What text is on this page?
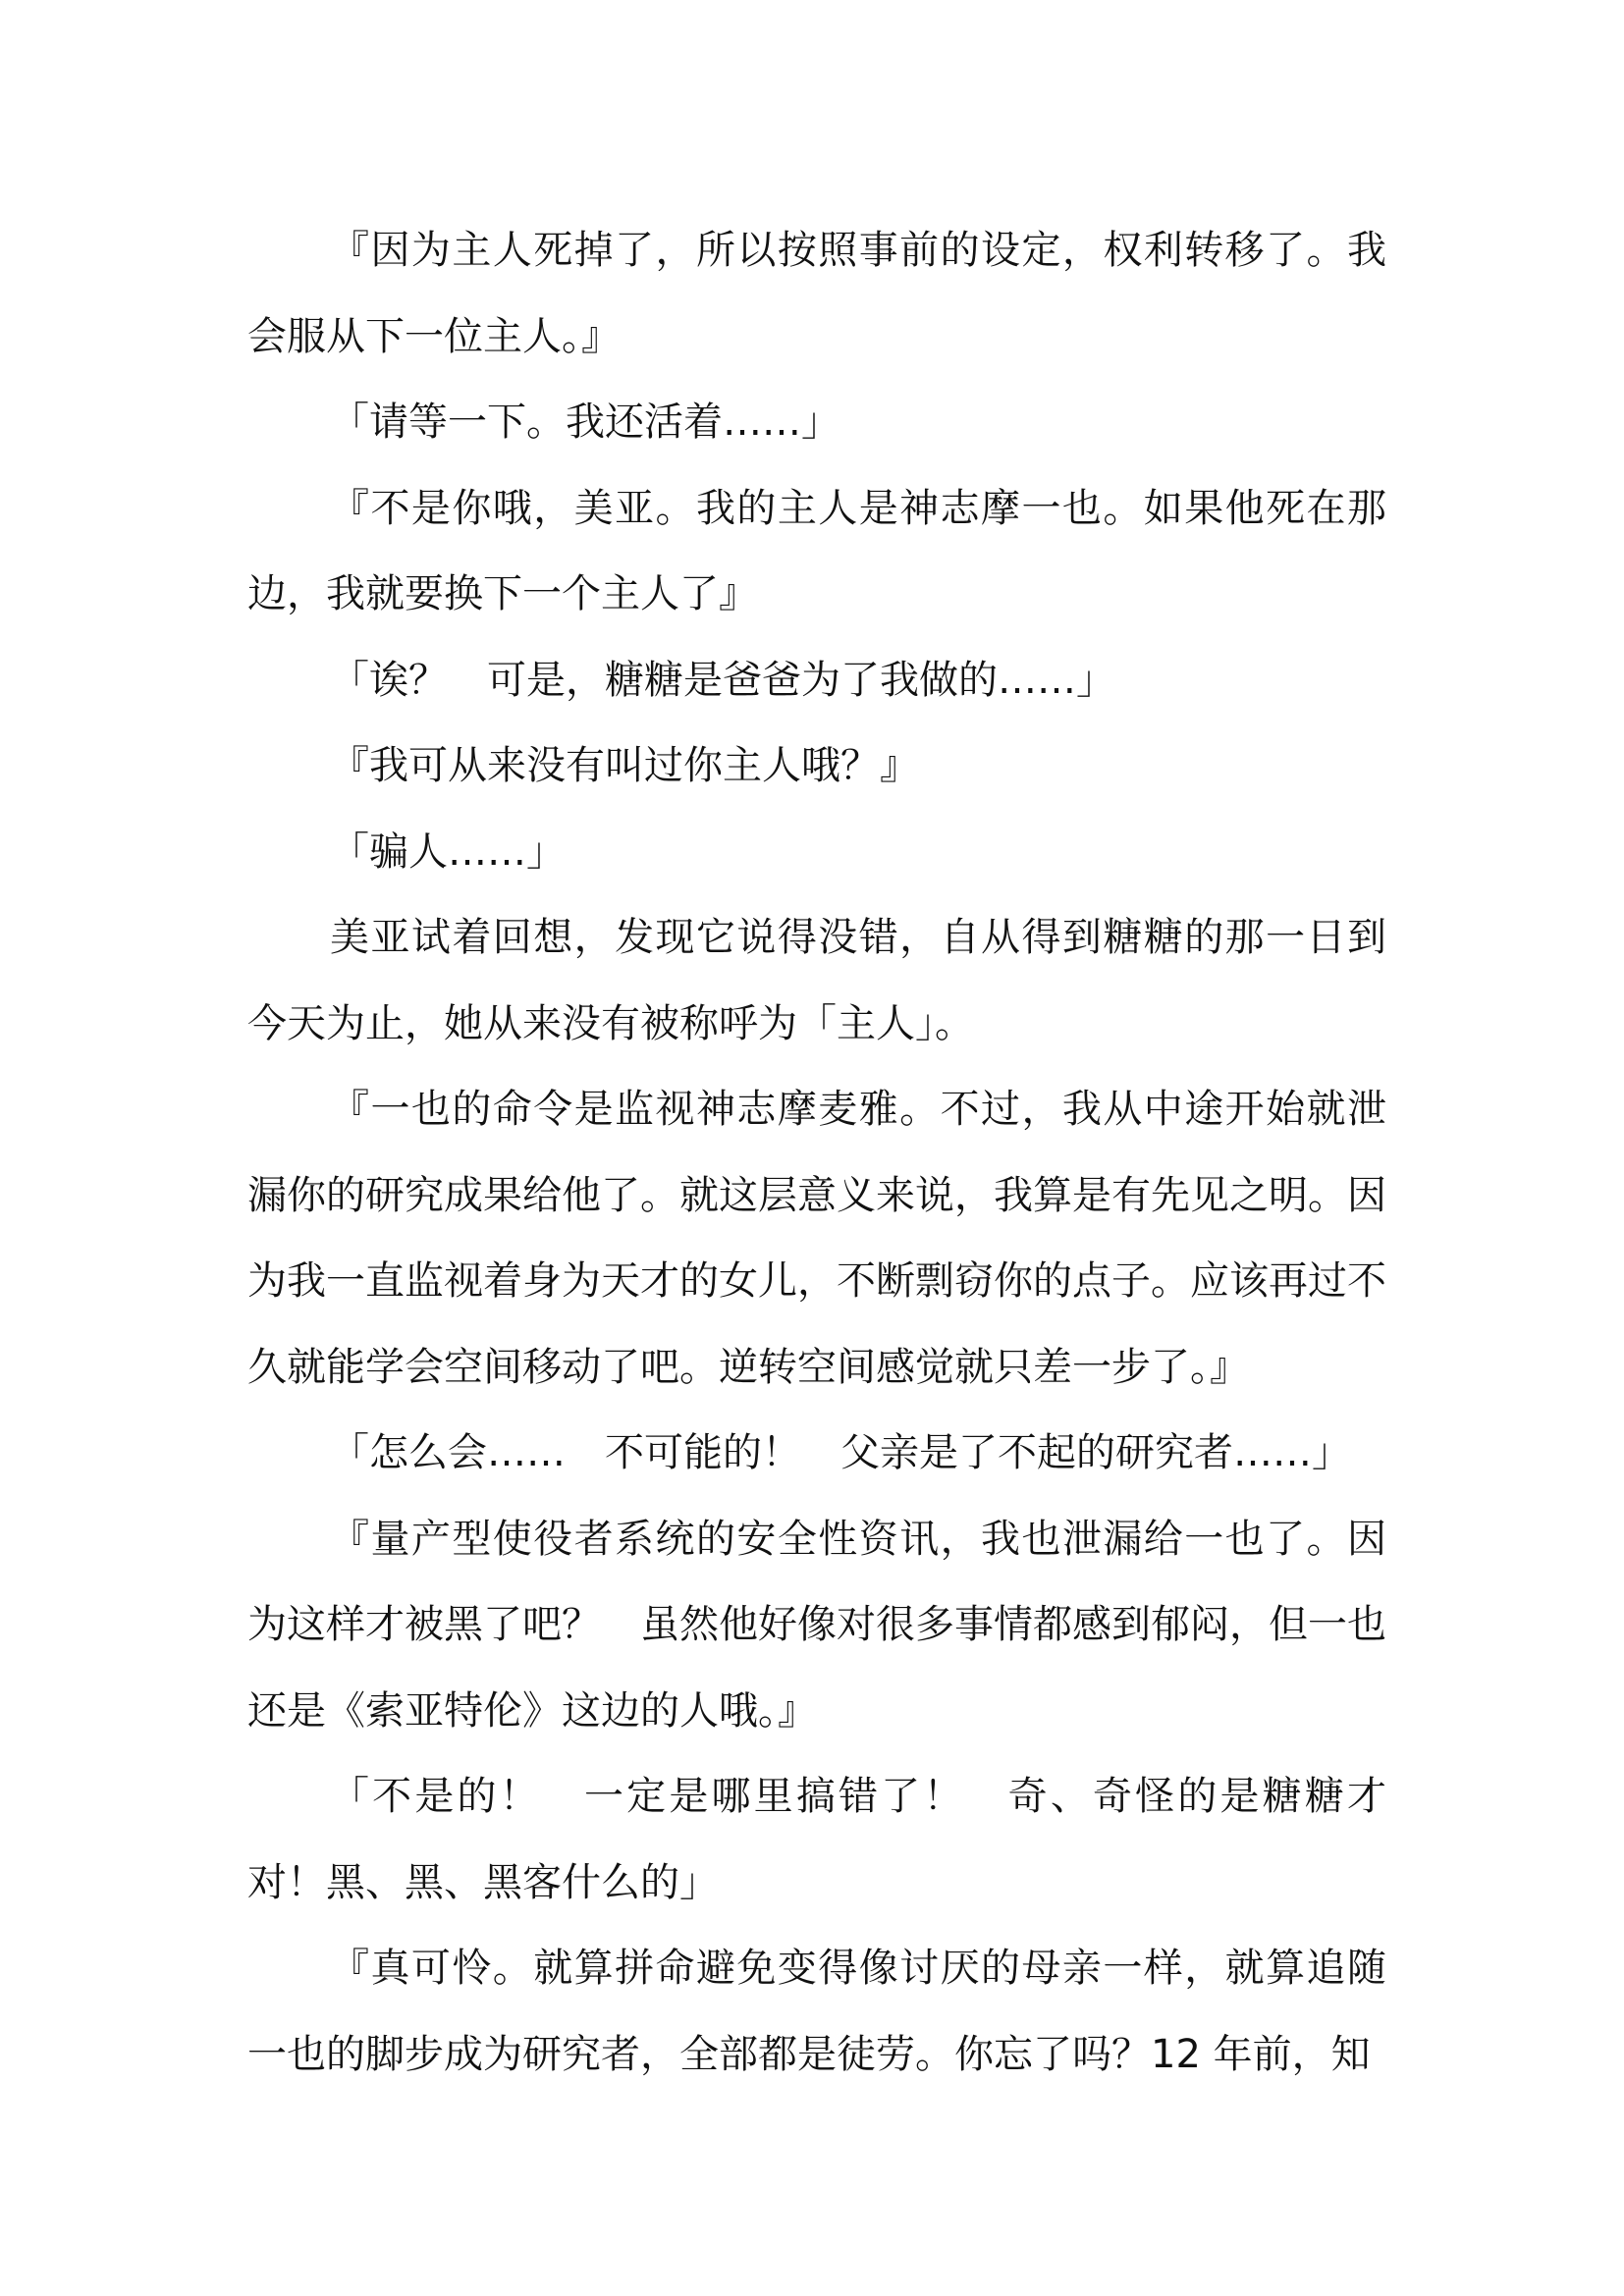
『因为主人死掉了，所以按照事前的设定，权利转移了。我会服从下一位主人。』

「请等一下。我还活着……」

『不是你哦，美亚。我的主人是神志摩一也。如果他死在那边，我就要换下一个主人了』

「诶？　可是，糖糖是爸爸为了我做的……」

『我可从来没有叫过你主人哦？』

「骗人……」

美亚试着回想，发现它说得没错，自从得到糖糖的那一日到今天为止，她从来没有被称呼为「主人」。

『一也的命令是监视神志摩麦雅。不过，我从中途开始就泄漏你的研究成果给他了。就这层意义来说，我算是有先见之明。因为我一直监视着身为天才的女儿，不断剽窃你的点子。应该再过不久就能学会空间移动了吧。逆转空间感觉就只差一步了。』

「怎么会……　不可能的！　父亲是了不起的研究者……」

『量产型使役者系统的安全性资讯，我也泄漏给一也了。因为这样才被黑了吧？　虽然他好像对很多事情都感到郁闷，但一也还是《索亚特伦》这边的人哦。』

「不是的！　一定是哪里搞错了！　奇、奇怪的是糖糖才对！黑、黑、黑客什么的」

『真可怜。就算拼命避免变得像讨厌的母亲一样，就算追随一也的脚步成为研究者，全部都是徒劳。你忘了吗？12 年前，知
